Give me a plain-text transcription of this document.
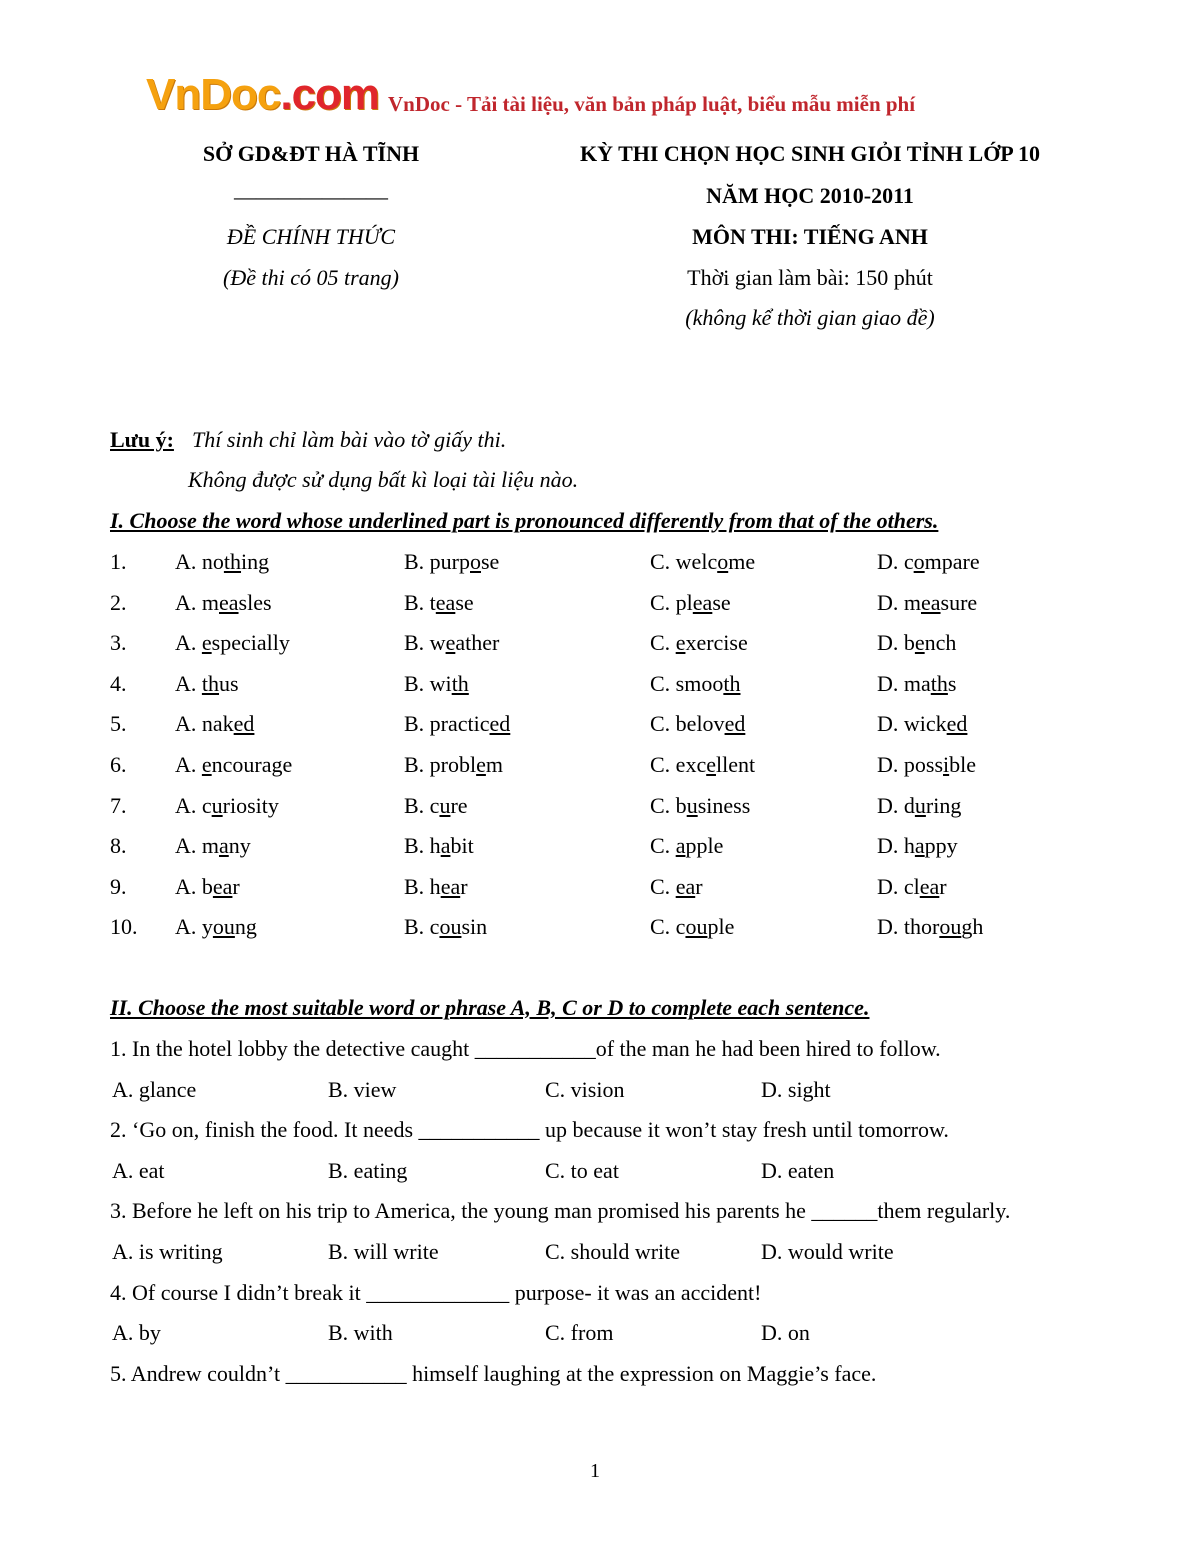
VnDoc.com VnDoc - Tải tài liệu, văn bản pháp luật, biểu mẫu miễn phí
SỞ GD&ĐT HÀ TĨNH
———————
ĐỀ CHÍNH THỨC
(Đề thi có 05 trang)
KỲ THI CHỌN HỌC SINH GIỎI TỈNH LỚP 10
NĂM HỌC 2010-2011
MÔN THI: TIẾNG ANH
Thời gian làm bài: 150 phút
(không kể thời gian giao đề)
Lưu ý: Thí sinh chỉ làm bài vào tờ giấy thi.
Không được sử dụng bất kì loại tài liệu nào.
I. Choose the word whose underlined part is pronounced differently from that of the others.
1. A. nothing	B. purpose	C. welcome	D. compare
2. A. measles	B. tease	C. please	D. measure
3. A. especially	B. weather	C. exercise	D. bench
4. A. thus	B. with	C. smooth	D. maths
5. A. naked	B. practiced	C. beloved	D. wicked
6. A. encourage	B. problem	C. excellent	D. possible
7. A. curiosity	B. cure	C. business	D. during
8. A. many	B. habit	C. apple	D. happy
9. A. bear	B. hear	C. ear	D. clear
10. A. young	B. cousin	C. couple	D. thorough
II. Choose the most suitable word or phrase A, B, C or D to complete each sentence.
1. In the hotel lobby the detective caught ___________of the man he had been hired to follow.
A. glance	B. view	C. vision	D. sight
2. ‘Go on, finish the food. It needs ___________ up because it won’t stay fresh until tomorrow.
A. eat	B. eating	C. to eat	D. eaten
3. Before he left on his trip to America, the young man promised his parents he ______them regularly.
A. is writing	B. will write	C. should write	D. would write
4. Of course I didn’t break it _____________ purpose- it was an accident!
A. by	B. with	C. from	D. on
5. Andrew couldn’t ___________ himself laughing at the expression on Maggie’s face.
1
